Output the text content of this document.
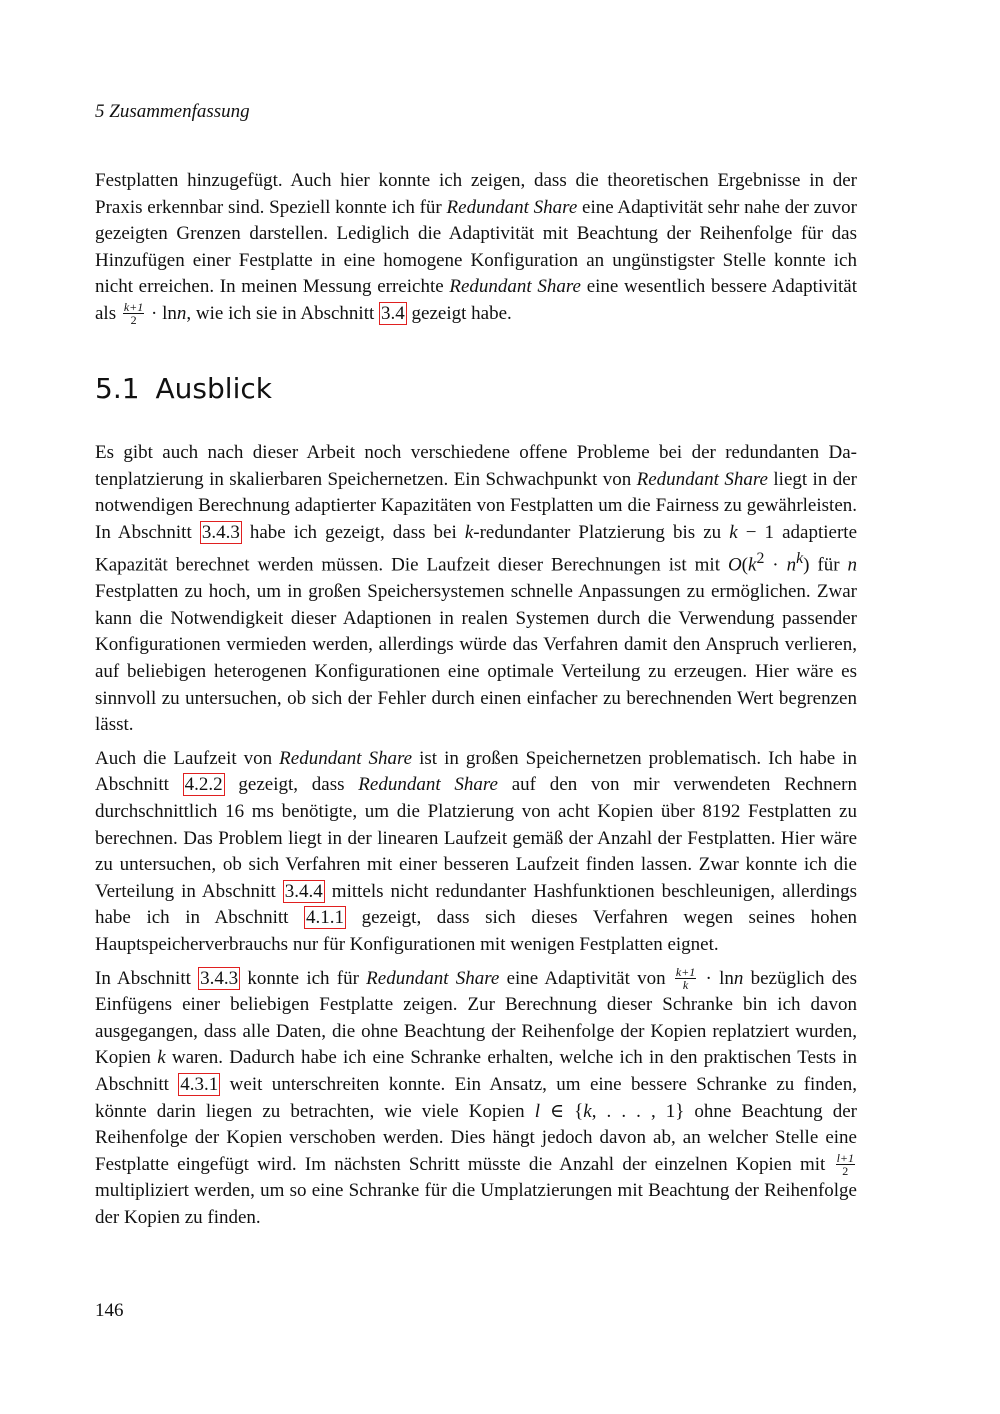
5 Zusammenfassung

Festplatten hinzugefügt. Auch hier konnte ich zeigen, dass die theoretischen Ergebnisse in der Praxis erkennbar sind. Speziell konnte ich für Redundant Share eine Adaptivität sehr nahe der zuvor gezeigten Grenzen darstellen. Lediglich die Adaptivität mit Beachtung der Reihenfolge für das Hinzufügen einer Festplatte in eine homogene Konfiguration an ungünstigster Stelle konnte ich nicht erreichen. In meinen Messung erreichte Redundant Share eine wesentlich bessere Adaptivität als $\frac{k+1}{2} \cdot \ln n$, wie ich sie in Abschnitt 3.4 gezeigt habe.

5.1 Ausblick

Es gibt auch nach dieser Arbeit noch verschiedene offene Probleme bei der redundanten Datenplatzierung in skalierbaren Speichernetzen. Ein Schwachpunkt von Redundant Share liegt in der notwendigen Berechnung adaptierter Kapazitäten von Festplatten um die Fairness zu gewährleisten. In Abschnitt 3.4.3 habe ich gezeigt, dass bei k-redundanter Platzierung bis zu k − 1 adaptierte Kapazität berechnet werden müssen. Die Laufzeit dieser Berechnungen ist mit $O(k^2 \cdot n^k)$ für n Festplatten zu hoch, um in großen Speichersystemen schnelle Anpassungen zu ermöglichen. Zwar kann die Notwendigkeit dieser Adaptionen in realen Systemen durch die Verwendung passender Konfigurationen vermieden werden, allerdings würde das Verfahren damit den Anspruch verlieren, auf beliebigen heterogenen Konfigurationen eine optimale Verteilung zu erzeugen. Hier wäre es sinnvoll zu untersuchen, ob sich der Fehler durch einen einfacher zu berechnenden Wert begrenzen lässt.

Auch die Laufzeit von Redundant Share ist in großen Speichernetzen problematisch. Ich habe in Abschnitt 4.2.2 gezeigt, dass Redundant Share auf den von mir verwendeten Rechnern durchschnittlich 16 ms benötigte, um die Platzierung von acht Kopien über 8192 Festplatten zu berechnen. Das Problem liegt in der linearen Laufzeit gemäß der Anzahl der Festplatten. Hier wäre zu untersuchen, ob sich Verfahren mit einer besseren Laufzeit finden lassen. Zwar konnte ich die Verteilung in Abschnitt 3.4.4 mittels nicht redundanter Hashfunktionen beschleunigen, allerdings habe ich in Abschnitt 4.1.1 gezeigt, dass sich dieses Verfahren wegen seines hohen Hauptspeicherverbrauchs nur für Konfigurationen mit wenigen Festplatten eignet.

In Abschnitt 3.4.3 konnte ich für Redundant Share eine Adaptivität von $\frac{k+1}{k} \cdot \ln n$ bezüglich des Einfügens einer beliebigen Festplatte zeigen. Zur Berechnung dieser Schranke bin ich davon ausgegangen, dass alle Daten, die ohne Beachtung der Reihenfolge der Kopien replatziert wurden, Kopien k waren. Dadurch habe ich eine Schranke erhalten, welche ich in den praktischen Tests in Abschnitt 4.3.1 weit unterschreiten konnte. Ein Ansatz, um eine bessere Schranke zu finden, könnte darin liegen zu betrachten, wie viele Kopien l ∈ {k, . . . , 1} ohne Beachtung der Reihenfolge der Kopien verschoben werden. Dies hängt jedoch davon ab, an welcher Stelle eine Festplatte eingefügt wird. Im nächsten Schritt müsste die Anzahl der einzelnen Kopien mit $\frac{l+1}{2}$
multipliziert werden, um so eine Schranke für die Umplatzierungen mit Beachtung der Reihenfolge der Kopien zu finden.

146
